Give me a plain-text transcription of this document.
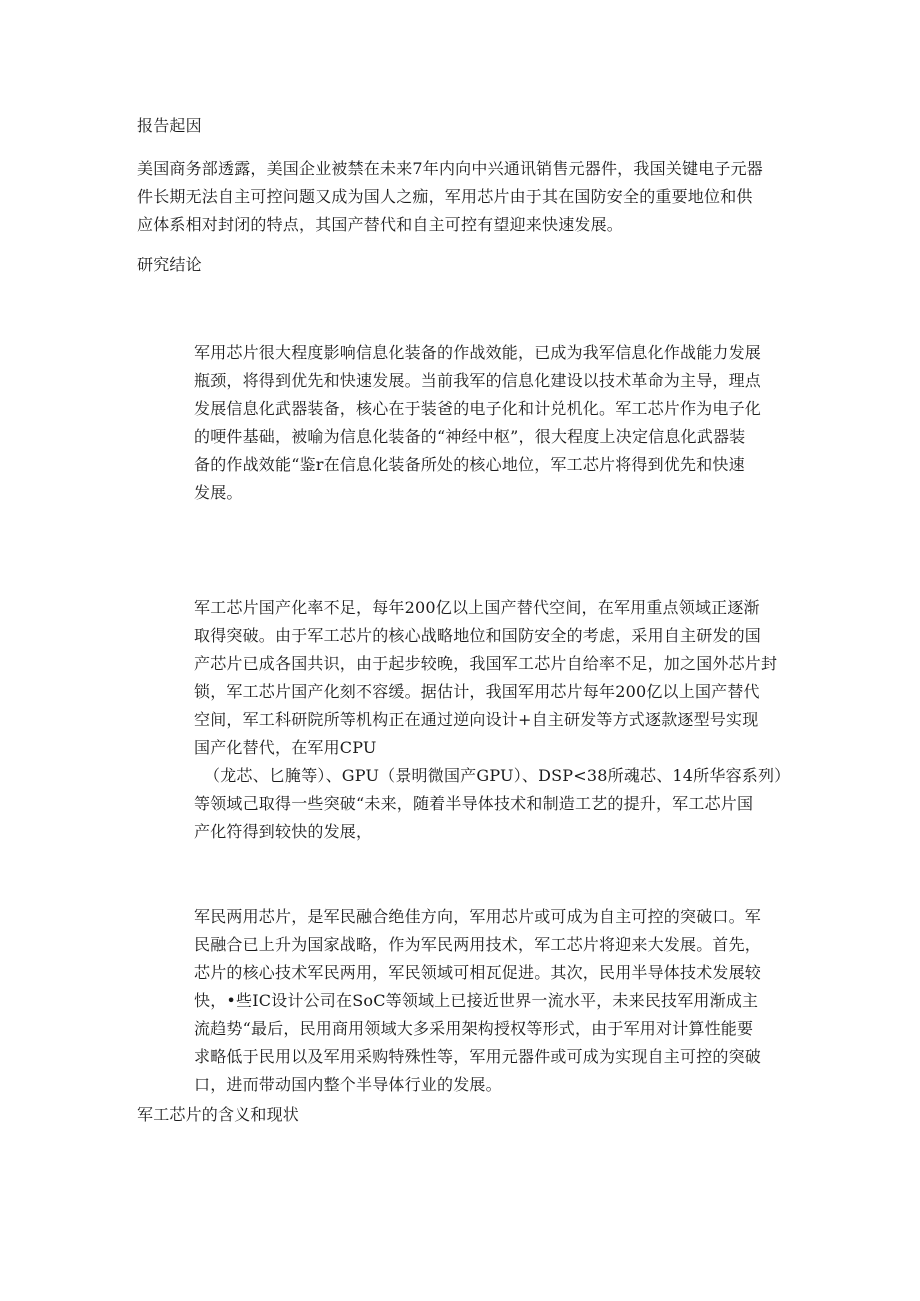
报告起因

美国商务部透露，美国企业被禁在未来7年内向中兴通讯销售元器件，我国关键电子元器
件长期无法自主可控问题又成为国人之痂，军用芯片由于其在国防安全的重要地位和供
应体系相对封闭的特点，其国产替代和自主可控有望迎来快速发展。

研究结论

军用芯片很大程度影响信息化装备的作战效能，已成为我军信息化作战能力发展
瓶颈，将得到优先和快速发展。当前我军的信息化建设以技术革命为主导，理点
发展信息化武器装备，核心在于装爸的电子化和计兑机化。军工芯片作为电子化
的哽件基础，被喻为信息化装备的“神经中枢”，很大程度上决定信息化武器装
备的作战效能“鉴r在信息化装备所处的核心地位，军工芯片将得到优先和快速
发展。
军工芯片国产化率不足，每年200亿以上国产替代空间，在军用重点领域正逐渐
取得突破。由于军工芯片的核心战略地位和国防安全的考虑，采用自主研发的国
产芯片已成各国共识，由于起步较晚，我国军工芯片自给率不足，加之国外芯片封
锁，军工芯片国产化刻不容缓。据估计，我国军用芯片每年200亿以上国产替代
空间，军工科研院所等机构正在通过逆向设计+自主研发等方式逐款逐型号实现
国产化替代，在军用CPU
（龙芯、匕腌等）、GPU（景明微国产GPU）、DSP<38所魂芯、14所华容系列）
等领域己取得一些突破“未来，随着半导体技术和制造工艺的提升，军工芯片国
产化符得到较快的发展，
军民两用芯片，是军民融合绝佳方向，军用芯片或可成为自主可控的突破口。军
民融合已上升为国家战略，作为军民两用技术，军工芯片将迎来大发展。首先，
芯片的核心技术军民两用，军民领域可相瓦促进。其次，民用半导体技术发展较
快，•些IC设计公司在SoC等领域上已接近世界一流水平，未来民技军用渐成主
流趋势“最后，民用商用领域大多采用架构授权等形式，由于军用对计算性能要
求略低于民用以及军用采购特殊性等，军用元器件或可成为实现自主可控的突破
口，进而带动国内整个半导体行业的发展。

军工芯片的含义和现状
